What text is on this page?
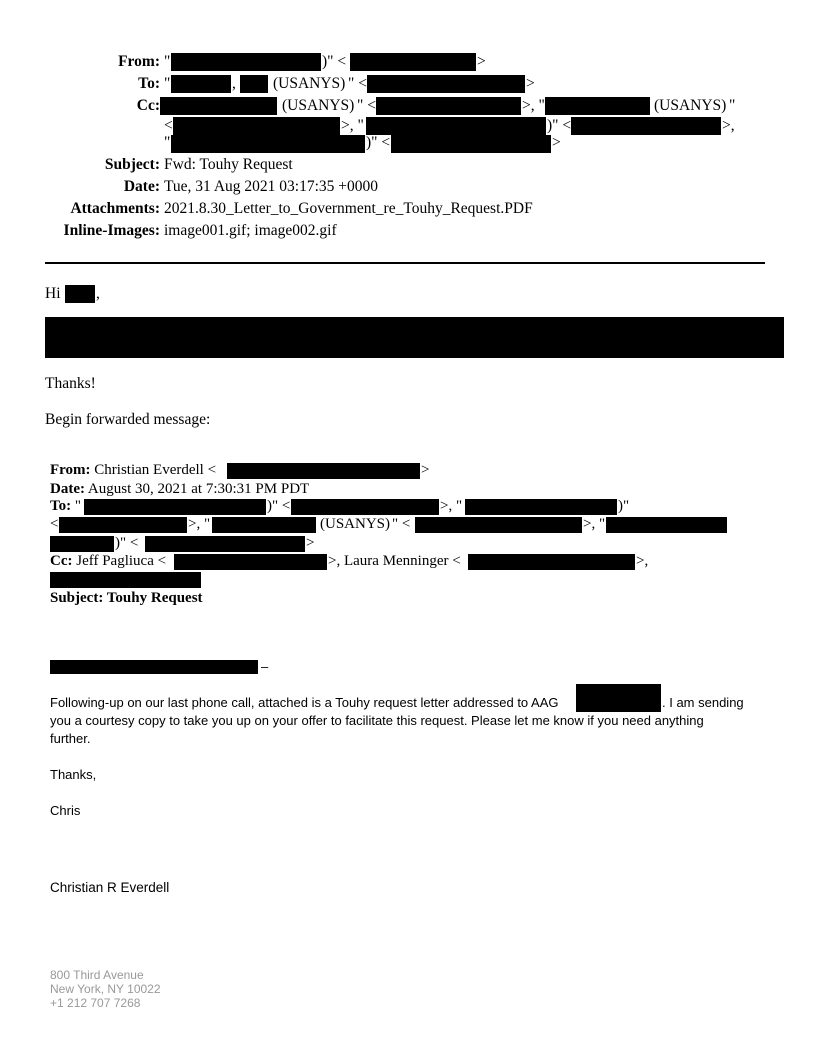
From: "	)" <	>
To: "	, (USANYS) " <	>
Cc:	(USANYS) " <	>, "	(USANYS) "
<	>, "	)" <	>,
"	)" <	>
Subject: Fwd: Touhy Request
Date: Tue, 31 Aug 2021 03:17:35 +0000
Attachments: 2021.8.30_Letter_to_Government_re_Touhy_Request.PDF
Inline-Images: image001.gif; image002.gif
Hi ,
Thanks!
Begin forwarded message:
From: Christian Everdell <	>
Date: August 30, 2021 at 7:30:31 PM PDT
To: "	)" <	>, "	)"
<	>, "	(USANYS) " <	>, "
)" <	>
Cc: Jeff Pagliuca <	>, Laura Menninger <	>,
Subject: Touhy Request
–
Following-up on our last phone call, attached is a Touhy request letter addressed to AAG	. I am sending
you a courtesy copy to take you up on your offer to facilitate this request. Please let me know if you need anything
further.
Thanks,
Chris
Christian R Everdell
800 Third Avenue
New York, NY 10022
+1 212 707 7268
